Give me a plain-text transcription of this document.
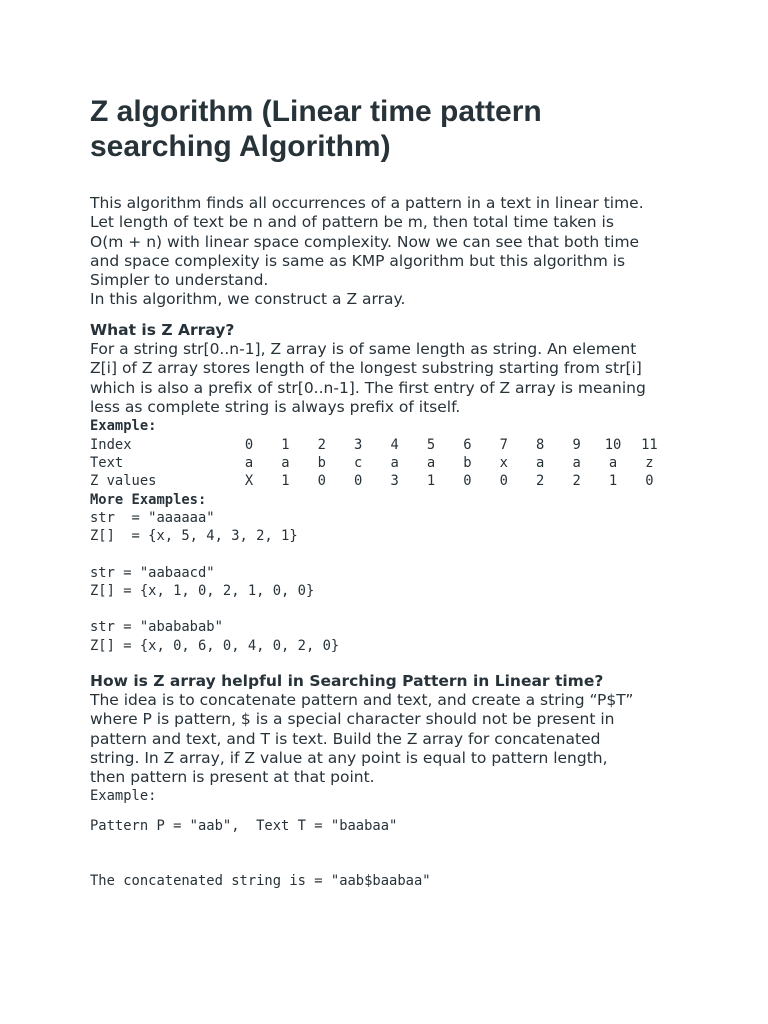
Z algorithm (Linear time pattern searching Algorithm)

This algorithm finds all occurrences of a pattern in a text in linear time.

Let length of text be n and of pattern be m, then total time taken is

O(m + n) with linear space complexity. Now we can see that both time

and space complexity is same as KMP algorithm but this algorithm is

Simpler to understand.

In this algorithm, we construct a Z array.

What is Z Array?

For a string str[0..n-1], Z array is of same length as string. An element

Z[i] of Z array stores length of the longest substring starting from str[i]

which is also a prefix of str[0..n-1]. The first entry of Z array is meaning

less as complete string is always prefix of itself.

Example:

Index	0	1	2	3	4	5	6	7	8	9	10	11
Text	a	a	b	c	a	a	b	x	a	a	a	z
Z values	X	1	0	0	3	1	0	0	2	2	1	0

More Examples:

str  = "aaaaaa"

Z[]  = {x, 5, 4, 3, 2, 1}

str = "aabaacd"

Z[] = {x, 1, 0, 2, 1, 0, 0}

str = "abababab"

Z[] = {x, 0, 6, 0, 4, 0, 2, 0}

How is Z array helpful in Searching Pattern in Linear time?

The idea is to concatenate pattern and text, and create a string “P$T”

where P is pattern, $ is a special character should not be present in

pattern and text, and T is text. Build the Z array for concatenated

string. In Z array, if Z value at any point is equal to pattern length,

then pattern is present at that point.

Example:

Pattern P = "aab",  Text T = "baabaa"

The concatenated string is = "aab$baabaa"
